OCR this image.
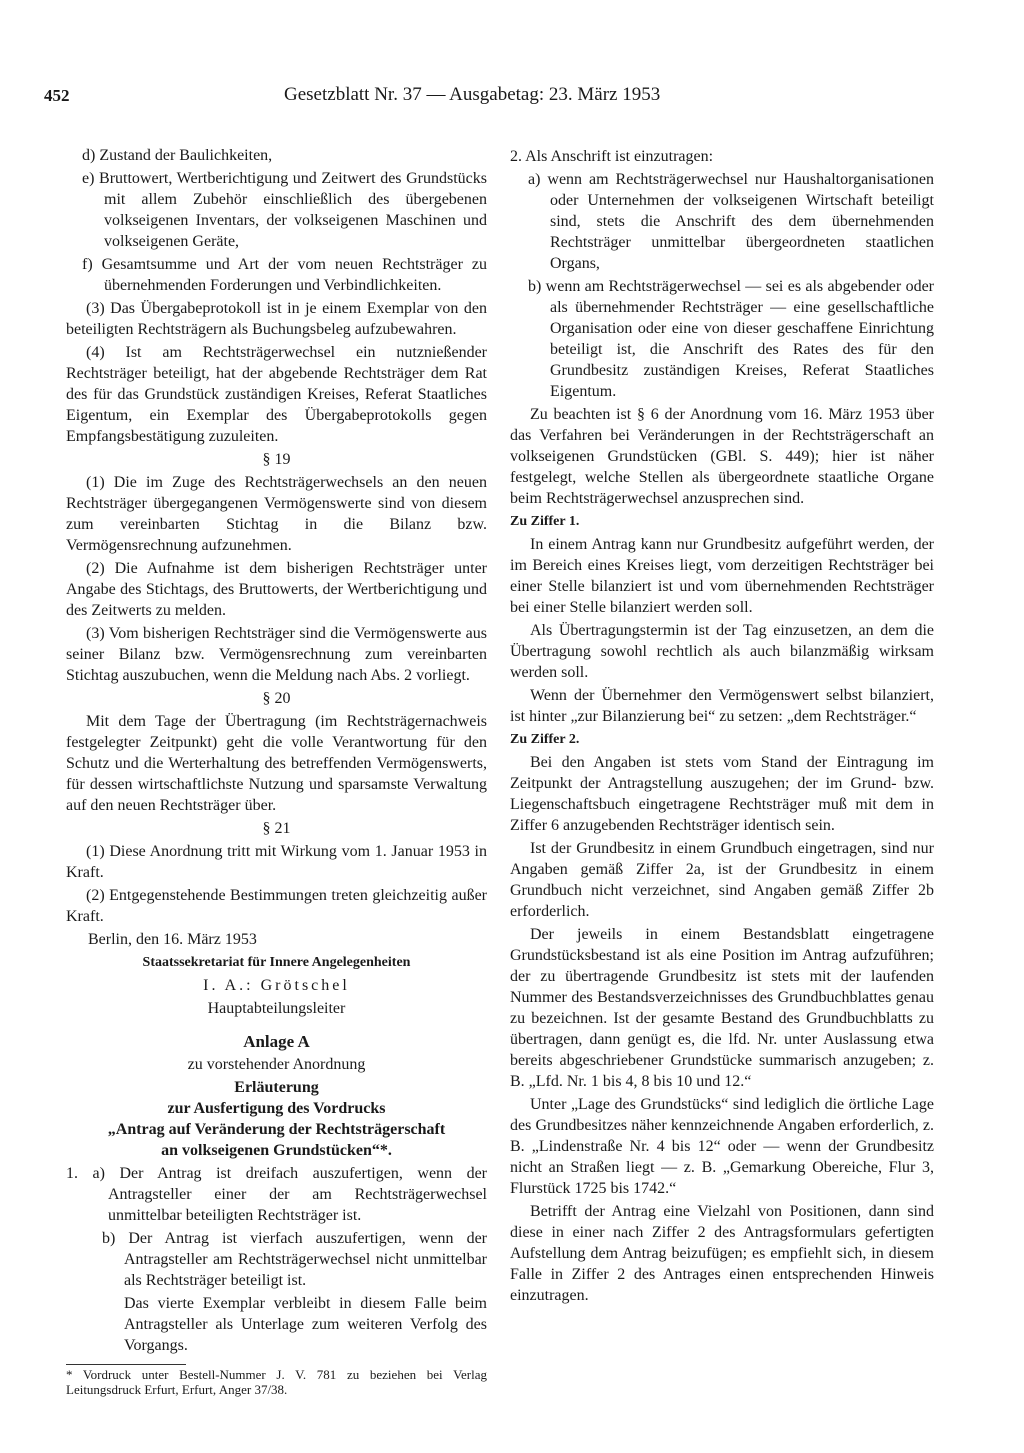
452	Gesetzblatt Nr. 37 — Ausgabetag: 23. März 1953

d) Zustand der Baulichkeiten,

e) Bruttowert, Wertberichtigung und Zeitwert des Grundstücks mit allem Zubehör einschließlich des übergebenen volkseigenen Inventars, der volkseigenen Maschinen und volkseigenen Geräte,

f) Gesamtsumme und Art der vom neuen Rechtsträger zu übernehmenden Forderungen und Verbindlichkeiten.

(3) Das Übergabeprotokoll ist in je einem Exemplar von den beteiligten Rechtsträgern als Buchungsbeleg aufzubewahren.

(4) Ist am Rechtsträgerwechsel ein nutznießender Rechtsträger beteiligt, hat der abgebende Rechtsträger dem Rat des für das Grundstück zuständigen Kreises, Referat Staatliches Eigentum, ein Exemplar des Übergabeprotokolls gegen Empfangsbestätigung zuzuleiten.

§ 19

(1) Die im Zuge des Rechtsträgerwechsels an den neuen Rechtsträger übergegangenen Vermögenswerte sind von diesem zum vereinbarten Stichtag in die Bilanz bzw. Vermögensrechnung aufzunehmen.

(2) Die Aufnahme ist dem bisherigen Rechtsträger unter Angabe des Stichtags, des Bruttowerts, der Wertberichtigung und des Zeitwerts zu melden.

(3) Vom bisherigen Rechtsträger sind die Vermögenswerte aus seiner Bilanz bzw. Vermögensrechnung zum vereinbarten Stichtag auszubuchen, wenn die Meldung nach Abs. 2 vorliegt.

§ 20

Mit dem Tage der Übertragung (im Rechtsträgernachweis festgelegter Zeitpunkt) geht die volle Verantwortung für den Schutz und die Werterhaltung des betreffenden Vermögenswerts, für dessen wirtschaftlichste Nutzung und sparsamste Verwaltung auf den neuen Rechtsträger über.

§ 21

(1) Diese Anordnung tritt mit Wirkung vom 1. Januar 1953 in Kraft.

(2) Entgegenstehende Bestimmungen treten gleichzeitig außer Kraft.

Berlin, den 16. März 1953

Staatssekretariat für Innere Angelegenheiten

I. A.: Grötschel

Hauptabteilungsleiter

Anlage A

zu vorstehender Anordnung

Erläuterung

zur Ausfertigung des Vordrucks

„Antrag auf Veränderung der Rechtsträgerschaft

an volkseigenen Grundstücken“*.

1. a) Der Antrag ist dreifach auszufertigen, wenn der Antragsteller einer der am Rechtsträgerwechsel unmittelbar beteiligten Rechtsträger ist.

b) Der Antrag ist vierfach auszufertigen, wenn der Antragsteller am Rechtsträgerwechsel nicht unmittelbar als Rechtsträger beteiligt ist.

Das vierte Exemplar verbleibt in diesem Falle beim Antragsteller als Unterlage zum weiteren Verfolg des Vorgangs.

* Vordruck unter Bestell-Nummer J. V. 781 zu beziehen bei Verlag Leitungsdruck Erfurt, Erfurt, Anger 37/38.

2. Als Anschrift ist einzutragen:

a) wenn am Rechtsträgerwechsel nur Haushaltorganisationen oder Unternehmen der volkseigenen Wirtschaft beteiligt sind, stets die Anschrift des dem übernehmenden Rechtsträger unmittelbar übergeordneten staatlichen Organs,

b) wenn am Rechtsträgerwechsel — sei es als abgebender oder als übernehmender Rechtsträger — eine gesellschaftliche Organisation oder eine von dieser geschaffene Einrichtung beteiligt ist, die Anschrift des Rates des für den Grundbesitz zuständigen Kreises, Referat Staatliches Eigentum.

Zu beachten ist § 6 der Anordnung vom 16. März 1953 über das Verfahren bei Veränderungen in der Rechtsträgerschaft an volkseigenen Grundstücken (GBl. S. 449); hier ist näher festgelegt, welche Stellen als übergeordnete staatliche Organe beim Rechtsträgerwechsel anzusprechen sind.

Zu Ziffer 1.

In einem Antrag kann nur Grundbesitz aufgeführt werden, der im Bereich eines Kreises liegt, vom derzeitigen Rechtsträger bei einer Stelle bilanziert ist und vom übernehmenden Rechtsträger bei einer Stelle bilanziert werden soll.

Als Übertragungstermin ist der Tag einzusetzen, an dem die Übertragung sowohl rechtlich als auch bilanzmäßig wirksam werden soll.

Wenn der Übernehmer den Vermögenswert selbst bilanziert, ist hinter „zur Bilanzierung bei“ zu setzen: „dem Rechtsträger.“

Zu Ziffer 2.

Bei den Angaben ist stets vom Stand der Eintragung im Zeitpunkt der Antragstellung auszugehen; der im Grund- bzw. Liegenschaftsbuch eingetragene Rechtsträger muß mit dem in Ziffer 6 anzugebenden Rechtsträger identisch sein.

Ist der Grundbesitz in einem Grundbuch eingetragen, sind nur Angaben gemäß Ziffer 2a, ist der Grundbesitz in einem Grundbuch nicht verzeichnet, sind Angaben gemäß Ziffer 2b erforderlich.

Der jeweils in einem Bestandsblatt eingetragene Grundstücksbestand ist als eine Position im Antrag aufzuführen; der zu übertragende Grundbesitz ist stets mit der laufenden Nummer des Bestandsverzeichnisses des Grundbuchblattes genau zu bezeichnen. Ist der gesamte Bestand des Grundbuchblatts zu übertragen, dann genügt es, die lfd. Nr. unter Auslassung etwa bereits abgeschriebener Grundstücke summarisch anzugeben; z. B. „Lfd. Nr. 1 bis 4, 8 bis 10 und 12.“

Unter „Lage des Grundstücks“ sind lediglich die örtliche Lage des Grundbesitzes näher kennzeichnende Angaben erforderlich, z. B. „Lindenstraße Nr. 4 bis 12“ oder — wenn der Grundbesitz nicht an Straßen liegt — z. B. „Gemarkung Obereiche, Flur 3, Flurstück 1725 bis 1742.“

Betrifft der Antrag eine Vielzahl von Positionen, dann sind diese in einer nach Ziffer 2 des Antragsformulars gefertigten Aufstellung dem Antrag beizufügen; es empfiehlt sich, in diesem Falle in Ziffer 2 des Antrages einen entsprechenden Hinweis einzutragen.
